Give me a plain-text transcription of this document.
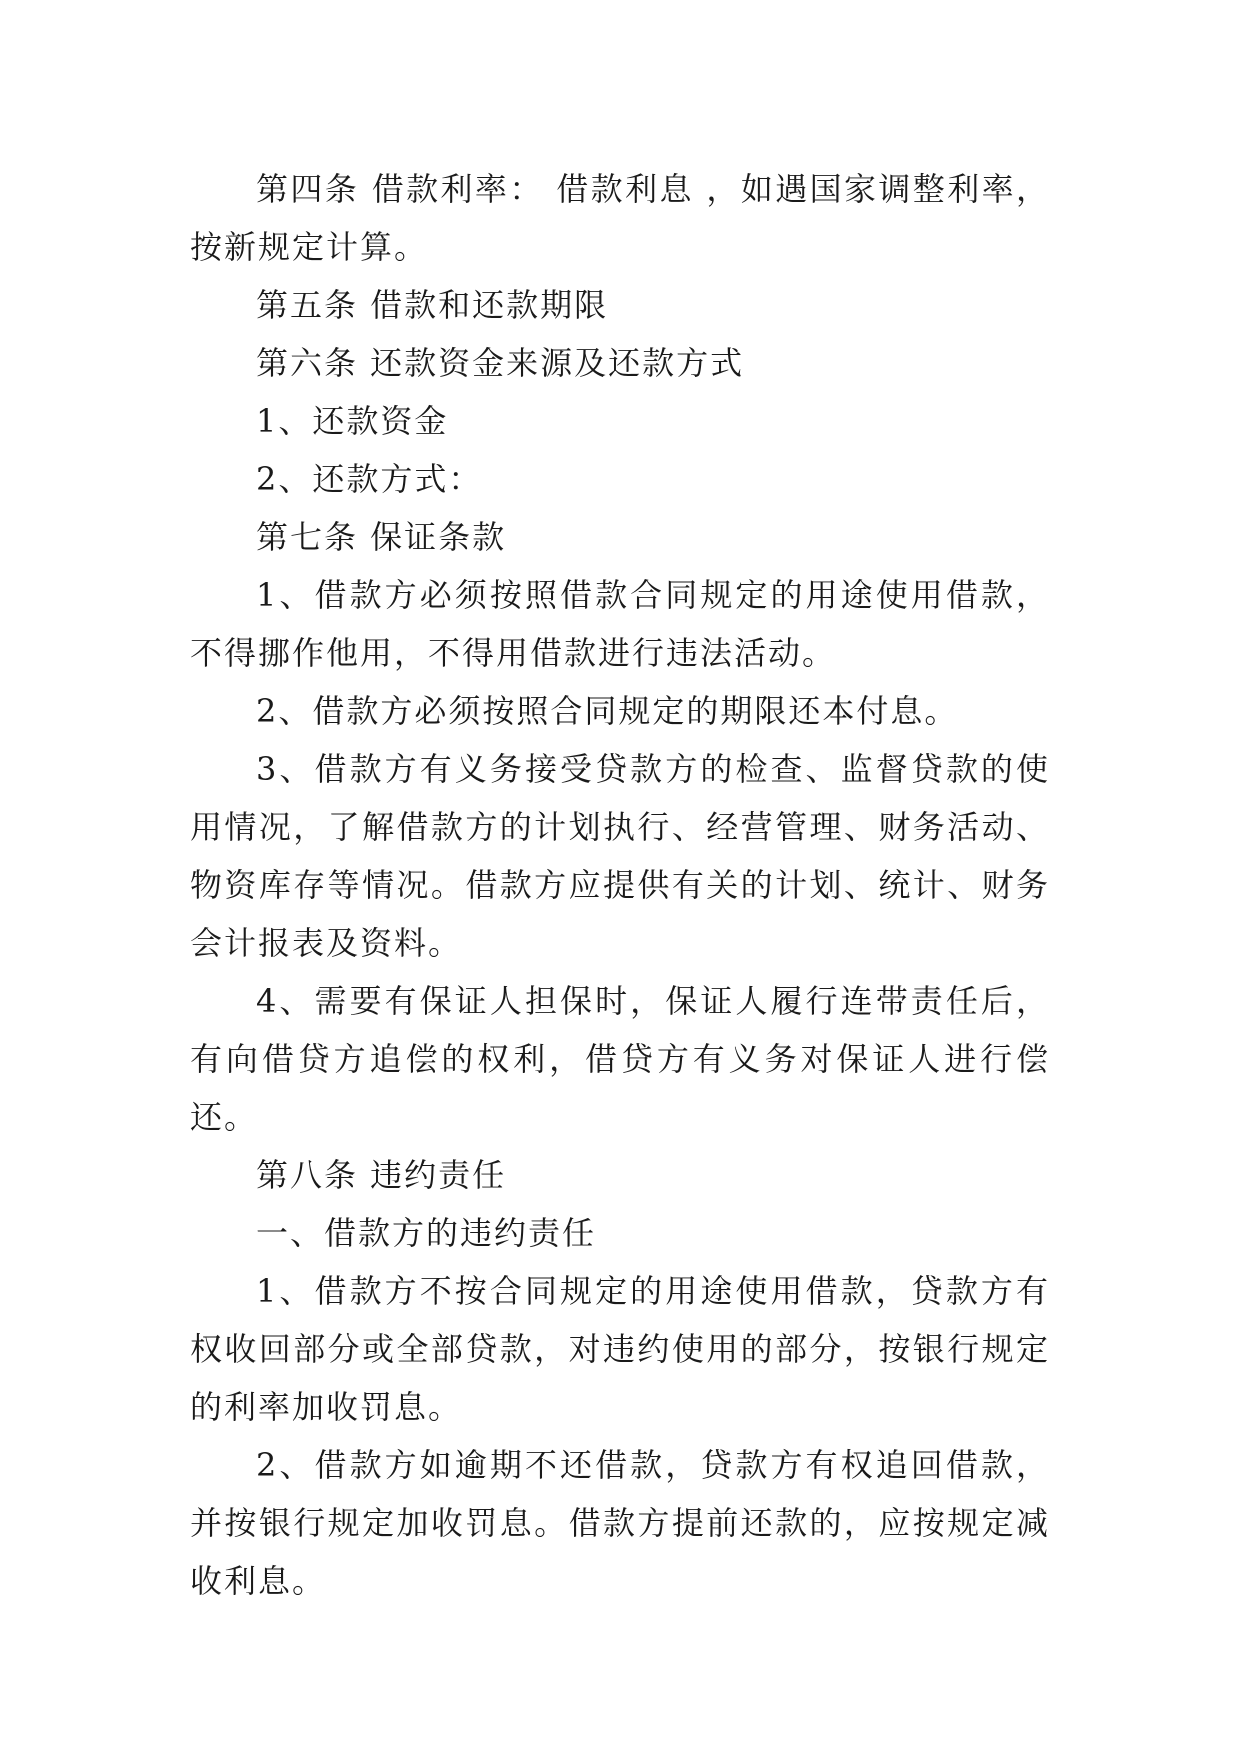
第四条 借款利率： 借款利息 ，如遇国家调整利率，按新规定计算。

第五条 借款和还款期限

第六条 还款资金来源及还款方式

1、还款资金

2、还款方式：

第七条 保证条款

1、借款方必须按照借款合同规定的用途使用借款，不得挪作他用，不得用借款进行违法活动。

2、借款方必须按照合同规定的期限还本付息。

3、借款方有义务接受贷款方的检查、监督贷款的使用情况，了解借款方的计划执行、经营管理、财务活动、物资库存等情况。借款方应提供有关的计划、统计、财务会计报表及资料。

4、需要有保证人担保时，保证人履行连带责任后，有向借贷方追偿的权利，借贷方有义务对保证人进行偿还。

第八条 违约责任

一、借款方的违约责任

1、借款方不按合同规定的用途使用借款，贷款方有权收回部分或全部贷款，对违约使用的部分，按银行规定的利率加收罚息。

2、借款方如逾期不还借款，贷款方有权追回借款，并按银行规定加收罚息。借款方提前还款的，应按规定减收利息。
